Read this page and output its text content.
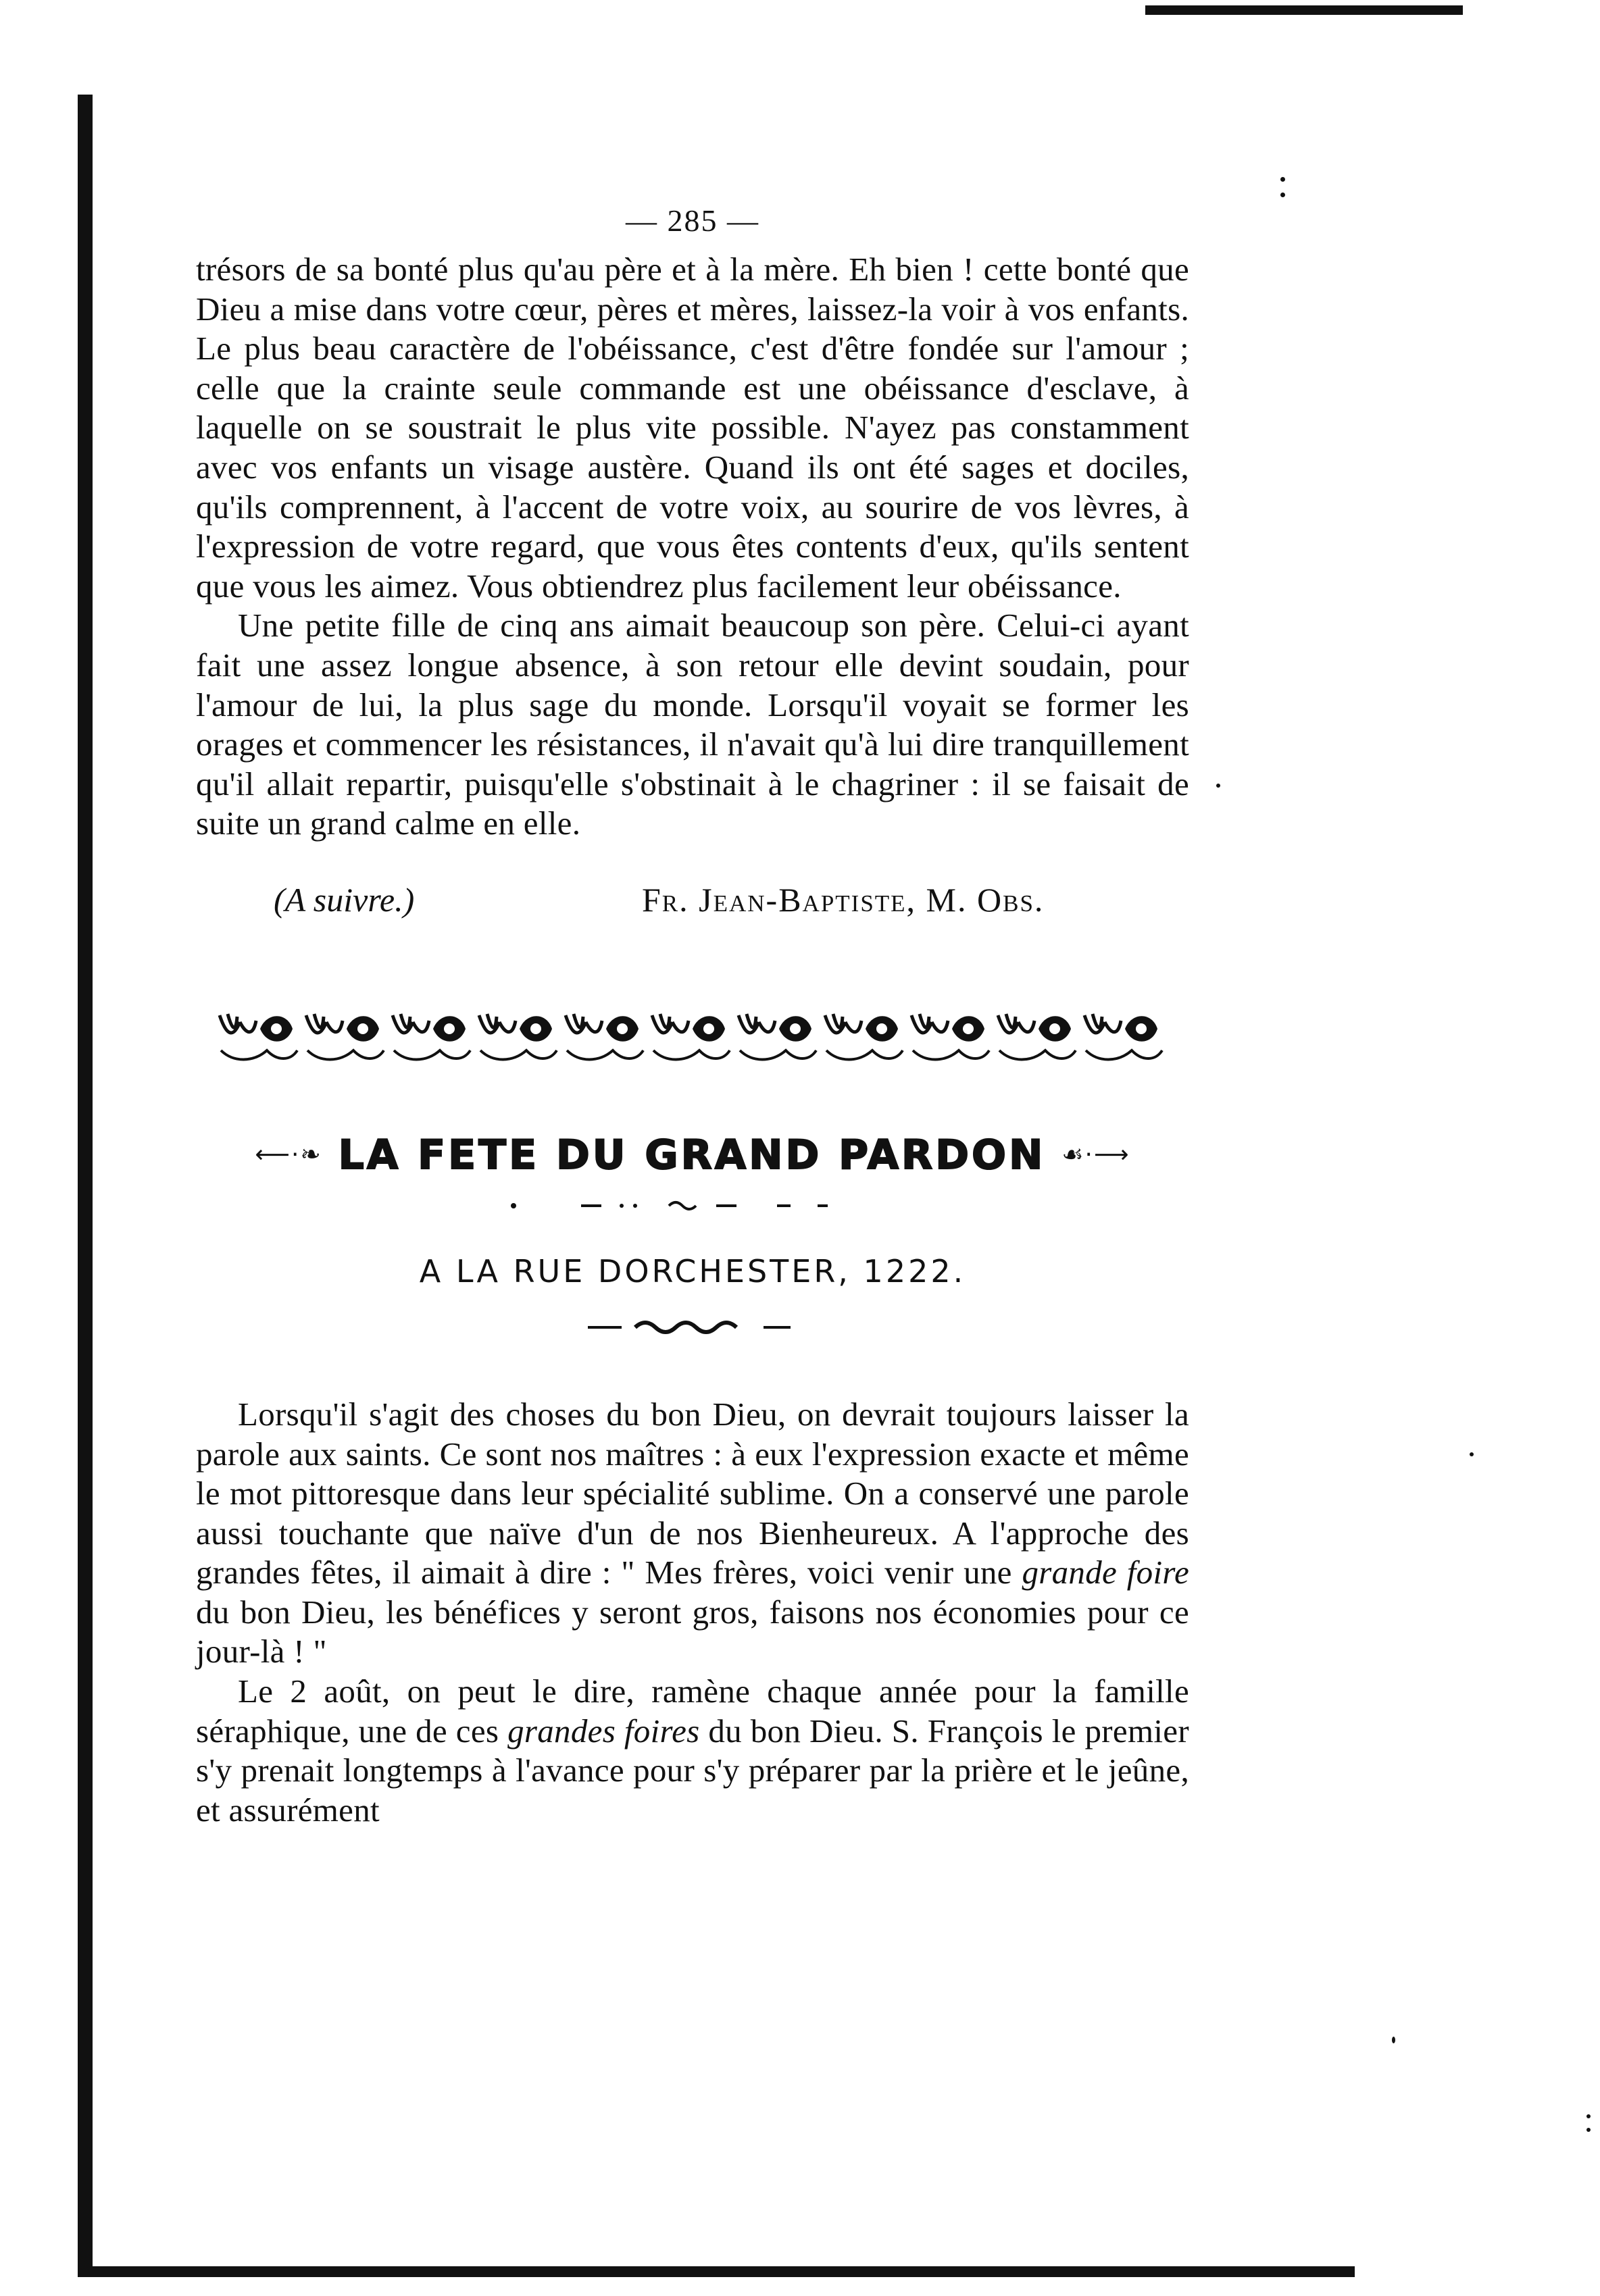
— 285 —

trésors de sa bonté plus qu'au père et à la mère. Eh bien ! cette bonté que Dieu a mise dans votre cœur, pères et mères, laissez-la voir à vos enfants. Le plus beau caractère de l'obéissance, c'est d'être fondée sur l'amour ; celle que la crainte seule commande est une obéissance d'esclave, à laquelle on se soustrait le plus vite possible. N'ayez pas constamment avec vos enfants un visage austère. Quand ils ont été sages et dociles, qu'ils comprennent, à l'accent de votre voix, au sourire de vos lèvres, à l'expression de votre regard, que vous êtes contents d'eux, qu'ils sentent que vous les aimez. Vous obtiendrez plus facilement leur obéissance.

Une petite fille de cinq ans aimait beaucoup son père. Celui-ci ayant fait une assez longue absence, à son retour elle devint soudain, pour l'amour de lui, la plus sage du monde. Lorsqu'il voyait se former les orages et commencer les résistances, il n'avait qu'à lui dire tranquillement qu'il allait repartir, puisqu'elle s'obstinait à le chagriner : il se faisait de suite un grand calme en elle.

(A suivre.)	Fr. Jean-Baptiste, M. Obs.
⟵·❧ LA FETE DU GRAND PARDON ☙·⟶
A LA RUE DORCHESTER, 1222.

Lorsqu'il s'agit des choses du bon Dieu, on devrait toujours laisser la parole aux saints. Ce sont nos maîtres : à eux l'expression exacte et même le mot pittoresque dans leur spécialité sublime. On a conservé une parole aussi touchante que naïve d'un de nos Bienheureux. A l'approche des grandes fêtes, il aimait à dire : " Mes frères, voici venir une grande foire du bon Dieu, les bénéfices y seront gros, faisons nos économies pour ce jour-là ! "

Le 2 août, on peut le dire, ramène chaque année pour la famille séraphique, une de ces grandes foires du bon Dieu. S. François le premier s'y prenait longtemps à l'avance pour s'y préparer par la prière et le jeûne, et assurément
